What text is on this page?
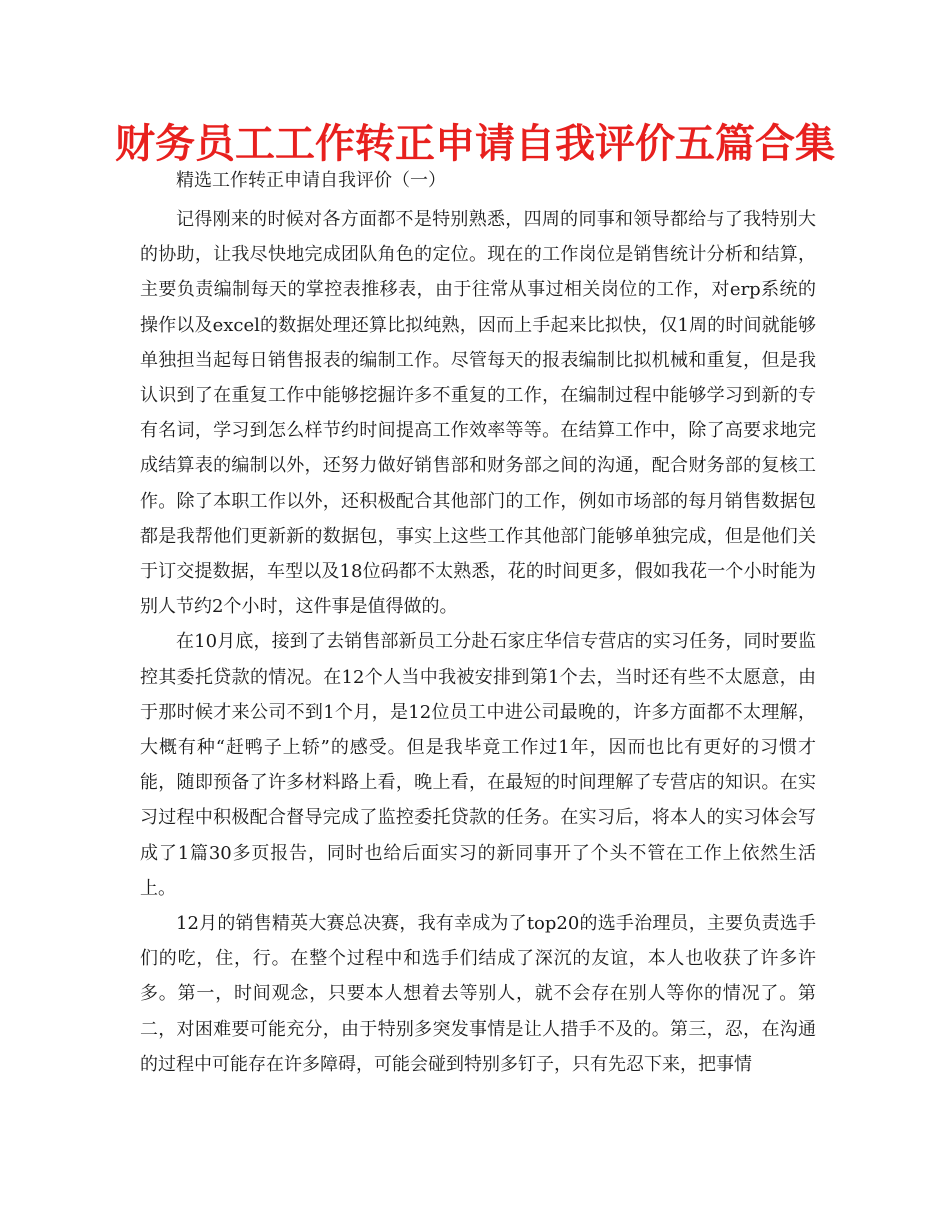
财务员工工作转正申请自我评价五篇合集
精选工作转正申请自我评价（一）

记得刚来的时候对各方面都不是特别熟悉，四周的同事和领导都给与了我特别大的协助，让我尽快地完成团队角色的定位。现在的工作岗位是销售统计分析和结算，主要负责编制每天的掌控表推移表，由于往常从事过相关岗位的工作，对erp系统的操作以及excel的数据处理还算比拟纯熟，因而上手起来比拟快，仅1周的时间就能够单独担当起每日销售报表的编制工作。尽管每天的报表编制比拟机械和重复，但是我认识到了在重复工作中能够挖掘许多不重复的工作，在编制过程中能够学习到新的专有名词，学习到怎么样节约时间提高工作效率等等。在结算工作中，除了高要求地完成结算表的编制以外，还努力做好销售部和财务部之间的沟通，配合财务部的复核工作。除了本职工作以外，还积极配合其他部门的工作，例如市场部的每月销售数据包都是我帮他们更新新的数据包，事实上这些工作其他部门能够单独完成，但是他们关于订交提数据，车型以及18位码都不太熟悉，花的时间更多，假如我花一个小时能为别人节约2个小时，这件事是值得做的。

在10月底，接到了去销售部新员工分赴石家庄华信专营店的实习任务，同时要监控其委托贷款的情况。在12个人当中我被安排到第1个去，当时还有些不太愿意，由于那时候才来公司不到1个月，是12位员工中进公司最晚的，许多方面都不太理解，大概有种“赶鸭子上轿”的感受。但是我毕竟工作过1年，因而也比有更好的习惯才能，随即预备了许多材料路上看，晚上看，在最短的时间理解了专营店的知识。在实习过程中积极配合督导完成了监控委托贷款的任务。在实习后，将本人的实习体会写成了1篇30多页报告，同时也给后面实习的新同事开了个头不管在工作上依然生活上。

12月的销售精英大赛总决赛，我有幸成为了top20的选手治理员，主要负责选手们的吃，住，行。在整个过程中和选手们结成了深沉的友谊，本人也收获了许多许多。第一，时间观念，只要本人想着去等别人，就不会存在别人等你的情况了。第二，对困难要可能充分，由于特别多突发事情是让人措手不及的。第三，忍，在沟通的过程中可能存在许多障碍，可能会碰到特别多钉子，只有先忍下来，把事情
